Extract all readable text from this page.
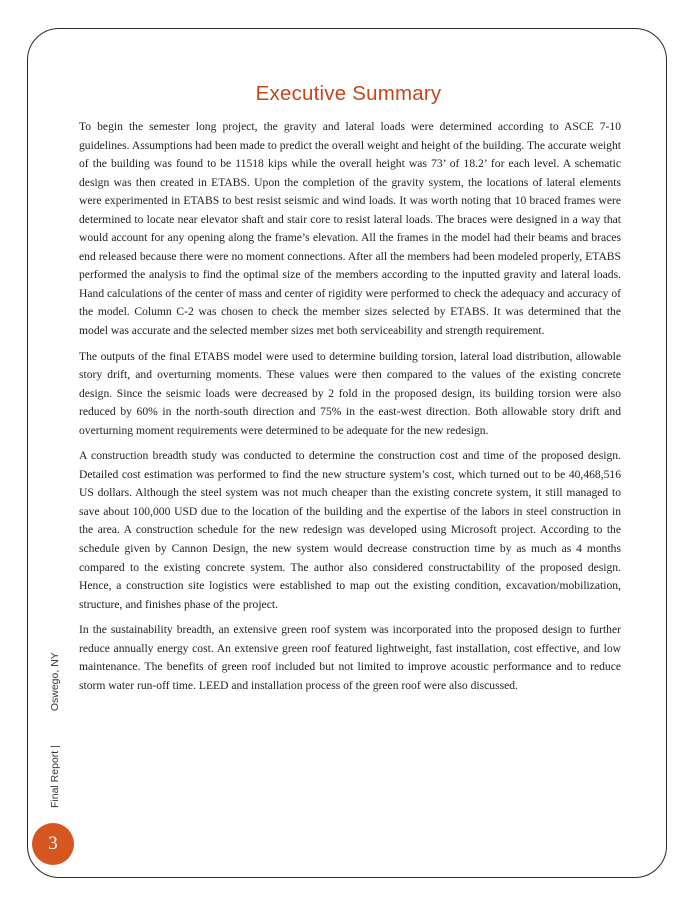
Executive Summary

To begin the semester long project, the gravity and lateral loads were determined according to ASCE 7-10 guidelines. Assumptions had been made to predict the overall weight and height of the building. The accurate weight of the building was found to be 11518 kips while the overall height was 73’ of 18.2’ for each level. A schematic design was then created in ETABS. Upon the completion of the gravity system, the locations of lateral elements were experimented in ETABS to best resist seismic and wind loads. It was worth noting that 10 braced frames were determined to locate near elevator shaft and stair core to resist lateral loads. The braces were designed in a way that would account for any opening along the frame’s elevation. All the frames in the model had their beams and braces end released because there were no moment connections. After all the members had been modeled properly, ETABS performed the analysis to find the optimal size of the members according to the inputted gravity and lateral loads. Hand calculations of the center of mass and center of rigidity were performed to check the adequacy and accuracy of the model. Column C-2 was chosen to check the member sizes selected by ETABS. It was determined that the model was accurate and the selected member sizes met both serviceability and strength requirement.

The outputs of the final ETABS model were used to determine building torsion, lateral load distribution, allowable story drift, and overturning moments. These values were then compared to the values of the existing concrete design. Since the seismic loads were decreased by 2 fold in the proposed design, its building torsion were also reduced by 60% in the north-south direction and 75% in the east-west direction. Both allowable story drift and overturning moment requirements were determined to be adequate for the new redesign.

A construction breadth study was conducted to determine the construction cost and time of the proposed design. Detailed cost estimation was performed to find the new structure system’s cost, which turned out to be 40,468,516 US dollars. Although the steel system was not much cheaper than the existing concrete system, it still managed to save about 100,000 USD due to the location of the building and the expertise of the labors in steel construction in the area. A construction schedule for the new redesign was developed using Microsoft project. According to the schedule given by Cannon Design, the new system would decrease construction time by as much as 4 months compared to the existing concrete system. The author also considered constructability of the proposed design. Hence, a construction site logistics were established to map out the existing condition, excavation/mobilization, structure, and finishes phase of the project.

In the sustainability breadth, an extensive green roof system was incorporated into the proposed design to further reduce annually energy cost. An extensive green roof featured lightweight, fast installation, cost effective, and low maintenance. The benefits of green roof included but not limited to improve acoustic performance and to reduce storm water run-off time. LEED and installation process of the green roof were also discussed.

Final Report |Oswego, NY
3
